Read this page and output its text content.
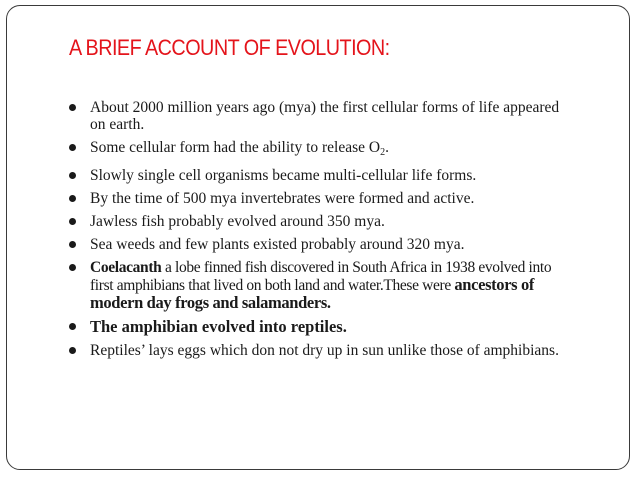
A BRIEF ACCOUNT OF EVOLUTION:
About 2000 million years ago (mya) the first cellular forms of life appeared on earth.
Some cellular form had the ability to release $O_2$.
Slowly single cell organisms became multi-cellular life forms.
By the time of 500 mya invertebrates were formed and active.
Jawless fish probably evolved around 350 mya.
Sea weeds and few plants existed probably around 320 mya.
Coelacanth a lobe finned fish discovered in South Africa in 1938 evolved into first amphibians that lived on both land and water.These were ancestors of modern day frogs and salamanders.
The amphibian evolved into reptiles.
Reptiles’ lays eggs which don not dry up in sun unlike those of amphibians.
